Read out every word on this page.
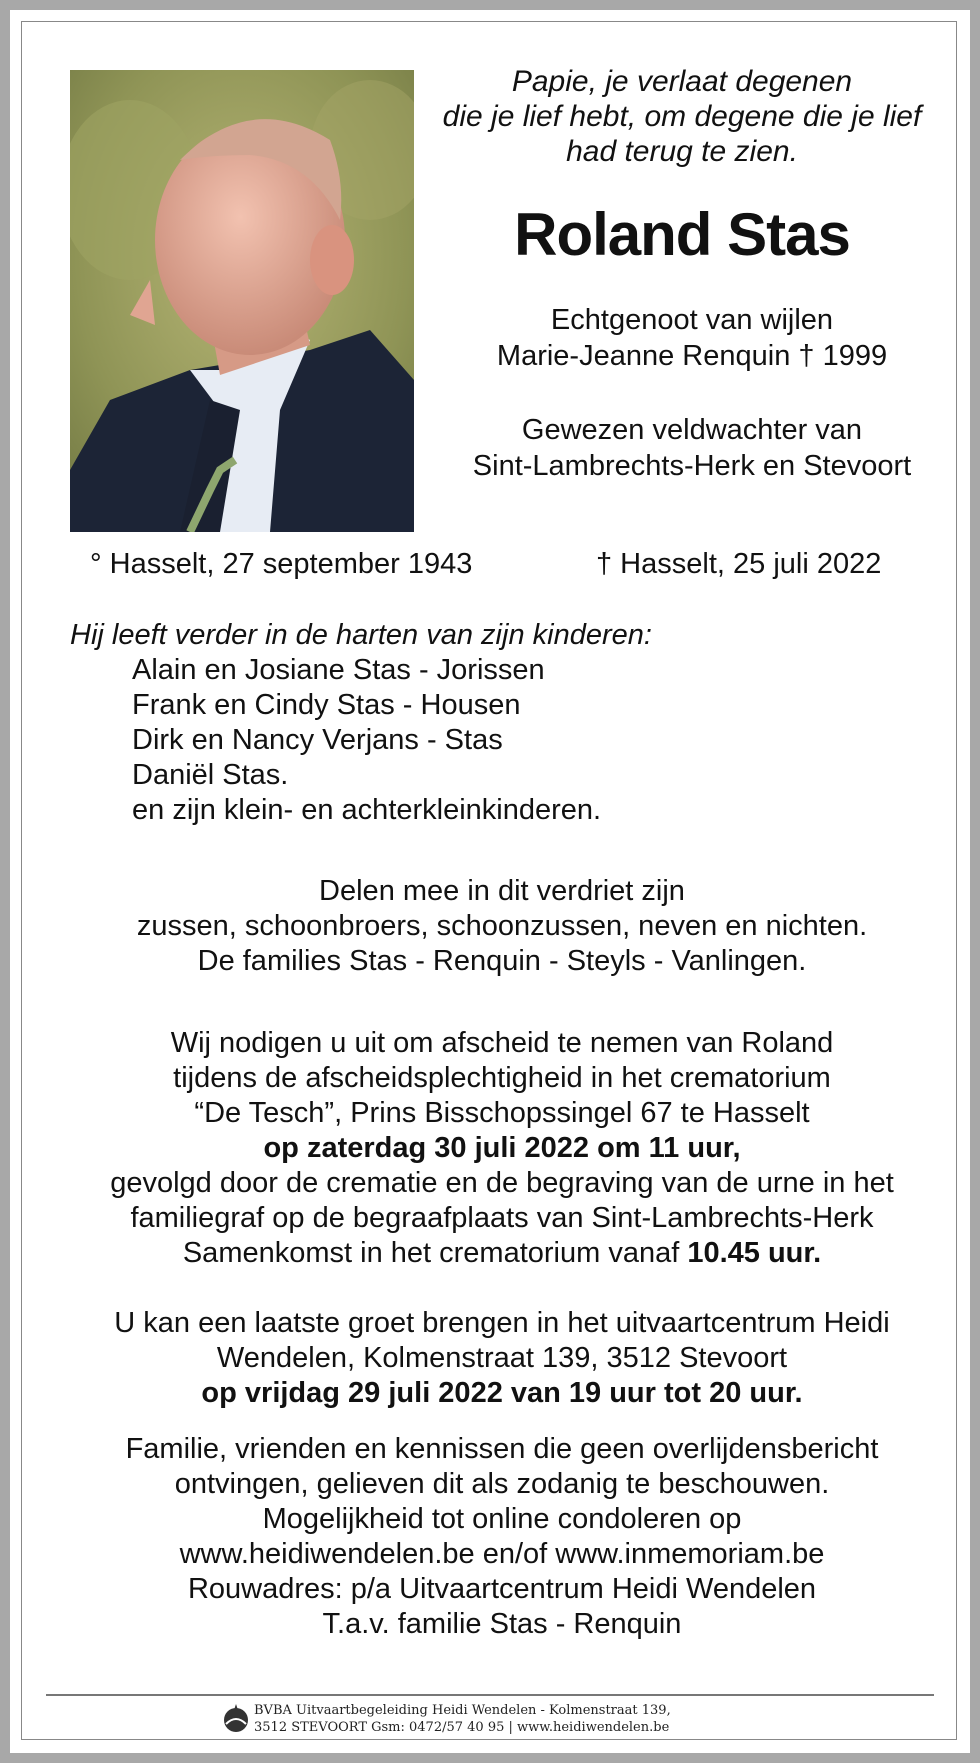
Papie, je verlaat degenen
die je lief hebt, om degene die je lief
had terug te zien.
Roland Stas
Echtgenoot van wijlen
Marie-Jeanne Renquin † 1999
Gewezen veldwachter van
Sint-Lambrechts-Herk en Stevoort
° Hasselt, 27 september 1943	† Hasselt, 25 juli 2022
Hij leeft verder in de harten van zijn kinderen:
Alain en Josiane Stas - Jorissen
Frank en Cindy Stas - Housen
Dirk en Nancy Verjans - Stas
Daniël Stas.
en zijn klein- en achterkleinkinderen.
Delen mee in dit verdriet zijn
zussen, schoonbroers, schoonzussen, neven en nichten.
De families Stas - Renquin - Steyls - Vanlingen.
Wij nodigen u uit om afscheid te nemen van Roland
tijdens de afscheidsplechtigheid in het crematorium
“De Tesch”, Prins Bisschopssingel 67 te Hasselt
op zaterdag 30 juli 2022 om 11 uur,
gevolgd door de crematie en de begraving van de urne in het
familiegraf op de begraafplaats van Sint-Lambrechts-Herk
Samenkomst in het crematorium vanaf 10.45 uur.
U kan een laatste groet brengen in het uitvaartcentrum Heidi
Wendelen, Kolmenstraat 139, 3512 Stevoort
op vrijdag 29 juli 2022 van 19 uur tot 20 uur.
Familie, vrienden en kennissen die geen overlijdensbericht
ontvingen, gelieven dit als zodanig te beschouwen.
Mogelijkheid tot online condoleren op
www.heidiwendelen.be en/of www.inmemoriam.be
Rouwadres: p/a Uitvaartcentrum Heidi Wendelen
T.a.v. familie Stas - Renquin
BVBA Uitvaartbegeleiding Heidi Wendelen - Kolmenstraat 139,
3512 STEVOORT Gsm: 0472/57 40 95 | www.heidiwendelen.be
